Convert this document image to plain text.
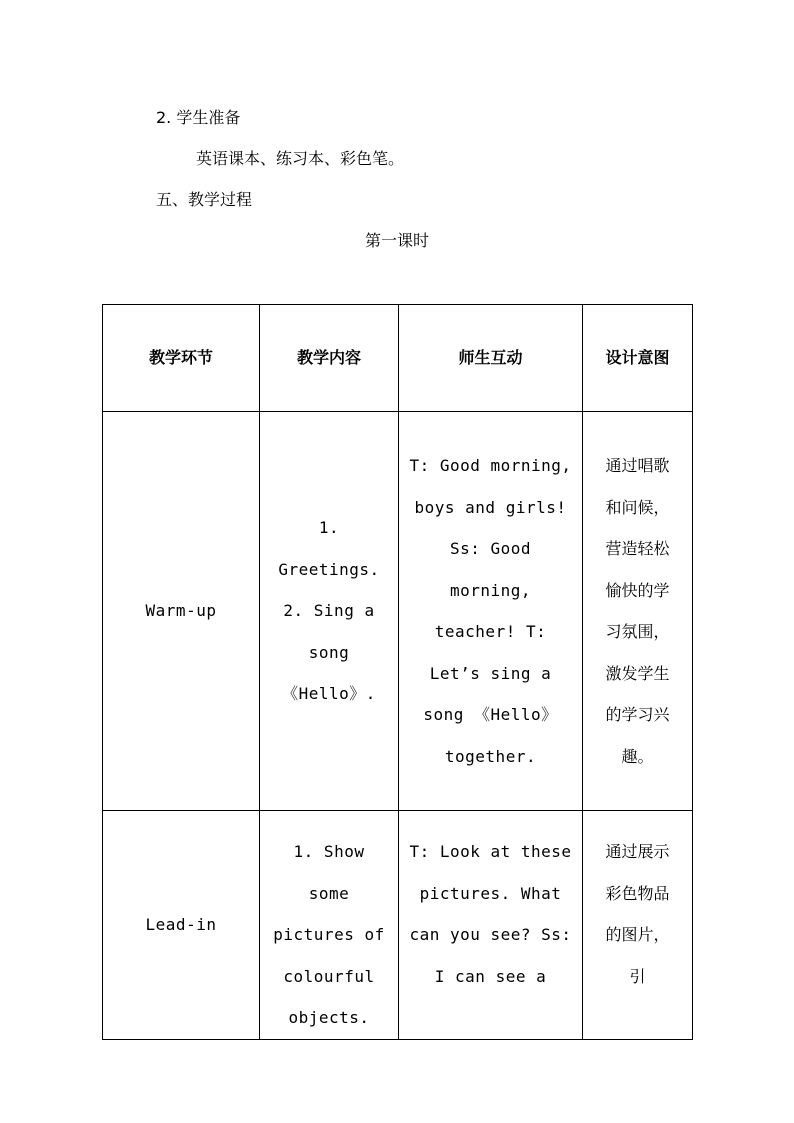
2. 学生准备
英语课本、练习本、彩色笔。
五、教学过程
第一课时
教学环节	教学内容	师生互动	设计意图

Warm-up	1. Greetings. 2. Sing a song 《Hello》.	T: Good morning, boys and girls! Ss: Good morning, teacher! T: Let’s sing a song 《Hello》 together.	通过唱歌和问候，营造轻松愉快的学习氛围，激发学生的学习兴趣。

Lead-in	1. Show some pictures of colourful objects.	T: Look at these pictures. What can you see? Ss: I can see a	通过展示彩色物品的图片，引
